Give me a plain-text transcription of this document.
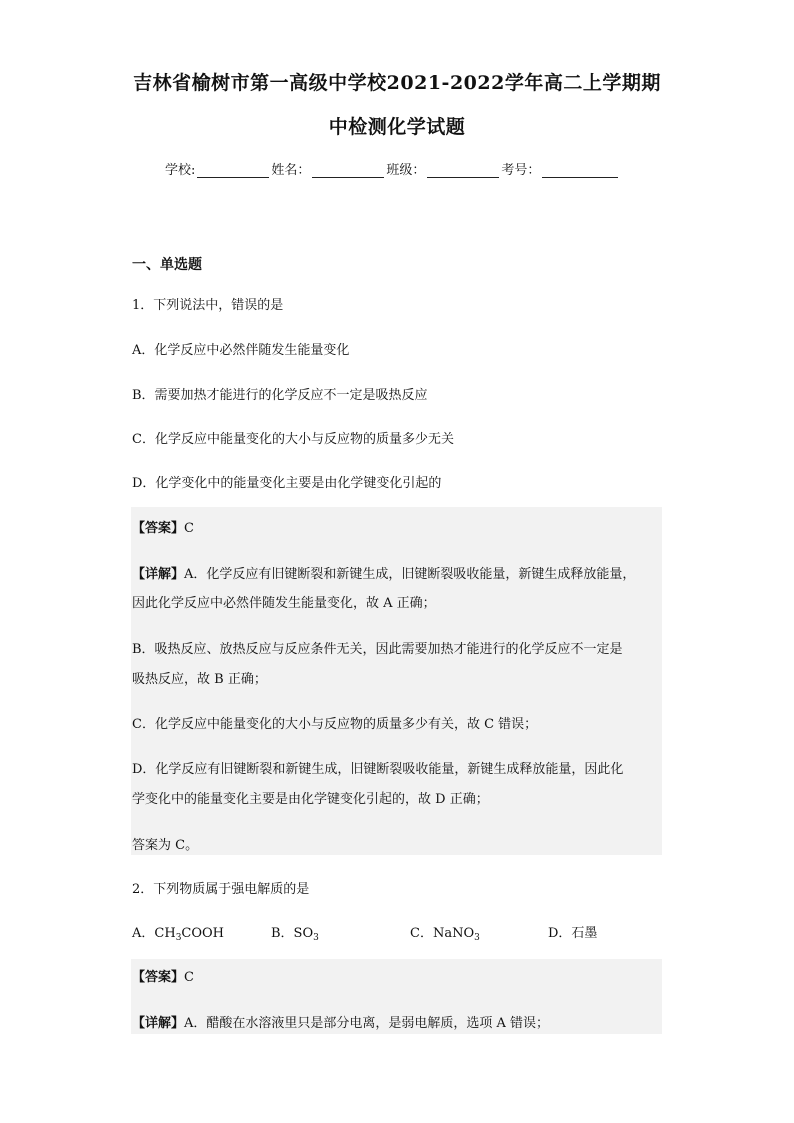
吉林省榆树市第一高级中学校2021-2022学年高二上学期期
中检测化学试题
学校:	姓名：	班级：	考号：
一、单选题
1．下列说法中，错误的是
A．化学反应中必然伴随发生能量变化
B．需要加热才能进行的化学反应不一定是吸热反应
C．化学反应中能量变化的大小与反应物的质量多少无关
D．化学变化中的能量变化主要是由化学键变化引起的
【答案】C
【详解】A．化学反应有旧键断裂和新键生成，旧键断裂吸收能量，新键生成释放能量，
因此化学反应中必然伴随发生能量变化，故 A 正确；
B．吸热反应、放热反应与反应条件无关，因此需要加热才能进行的化学反应不一定是
吸热反应，故 B 正确；
C．化学反应中能量变化的大小与反应物的质量多少有关，故 C 错误；
D．化学反应有旧键断裂和新键生成，旧键断裂吸收能量，新键生成释放能量，因此化
学变化中的能量变化主要是由化学键变化引起的，故 D 正确；
答案为 C。
2．下列物质属于强电解质的是
A．$CH_3COOH$	B．$SO_3$	C．NaNO$_3$	D．石墨
【答案】C
【详解】A．醋酸在水溶液里只是部分电离，是弱电解质，选项 A 错误；
